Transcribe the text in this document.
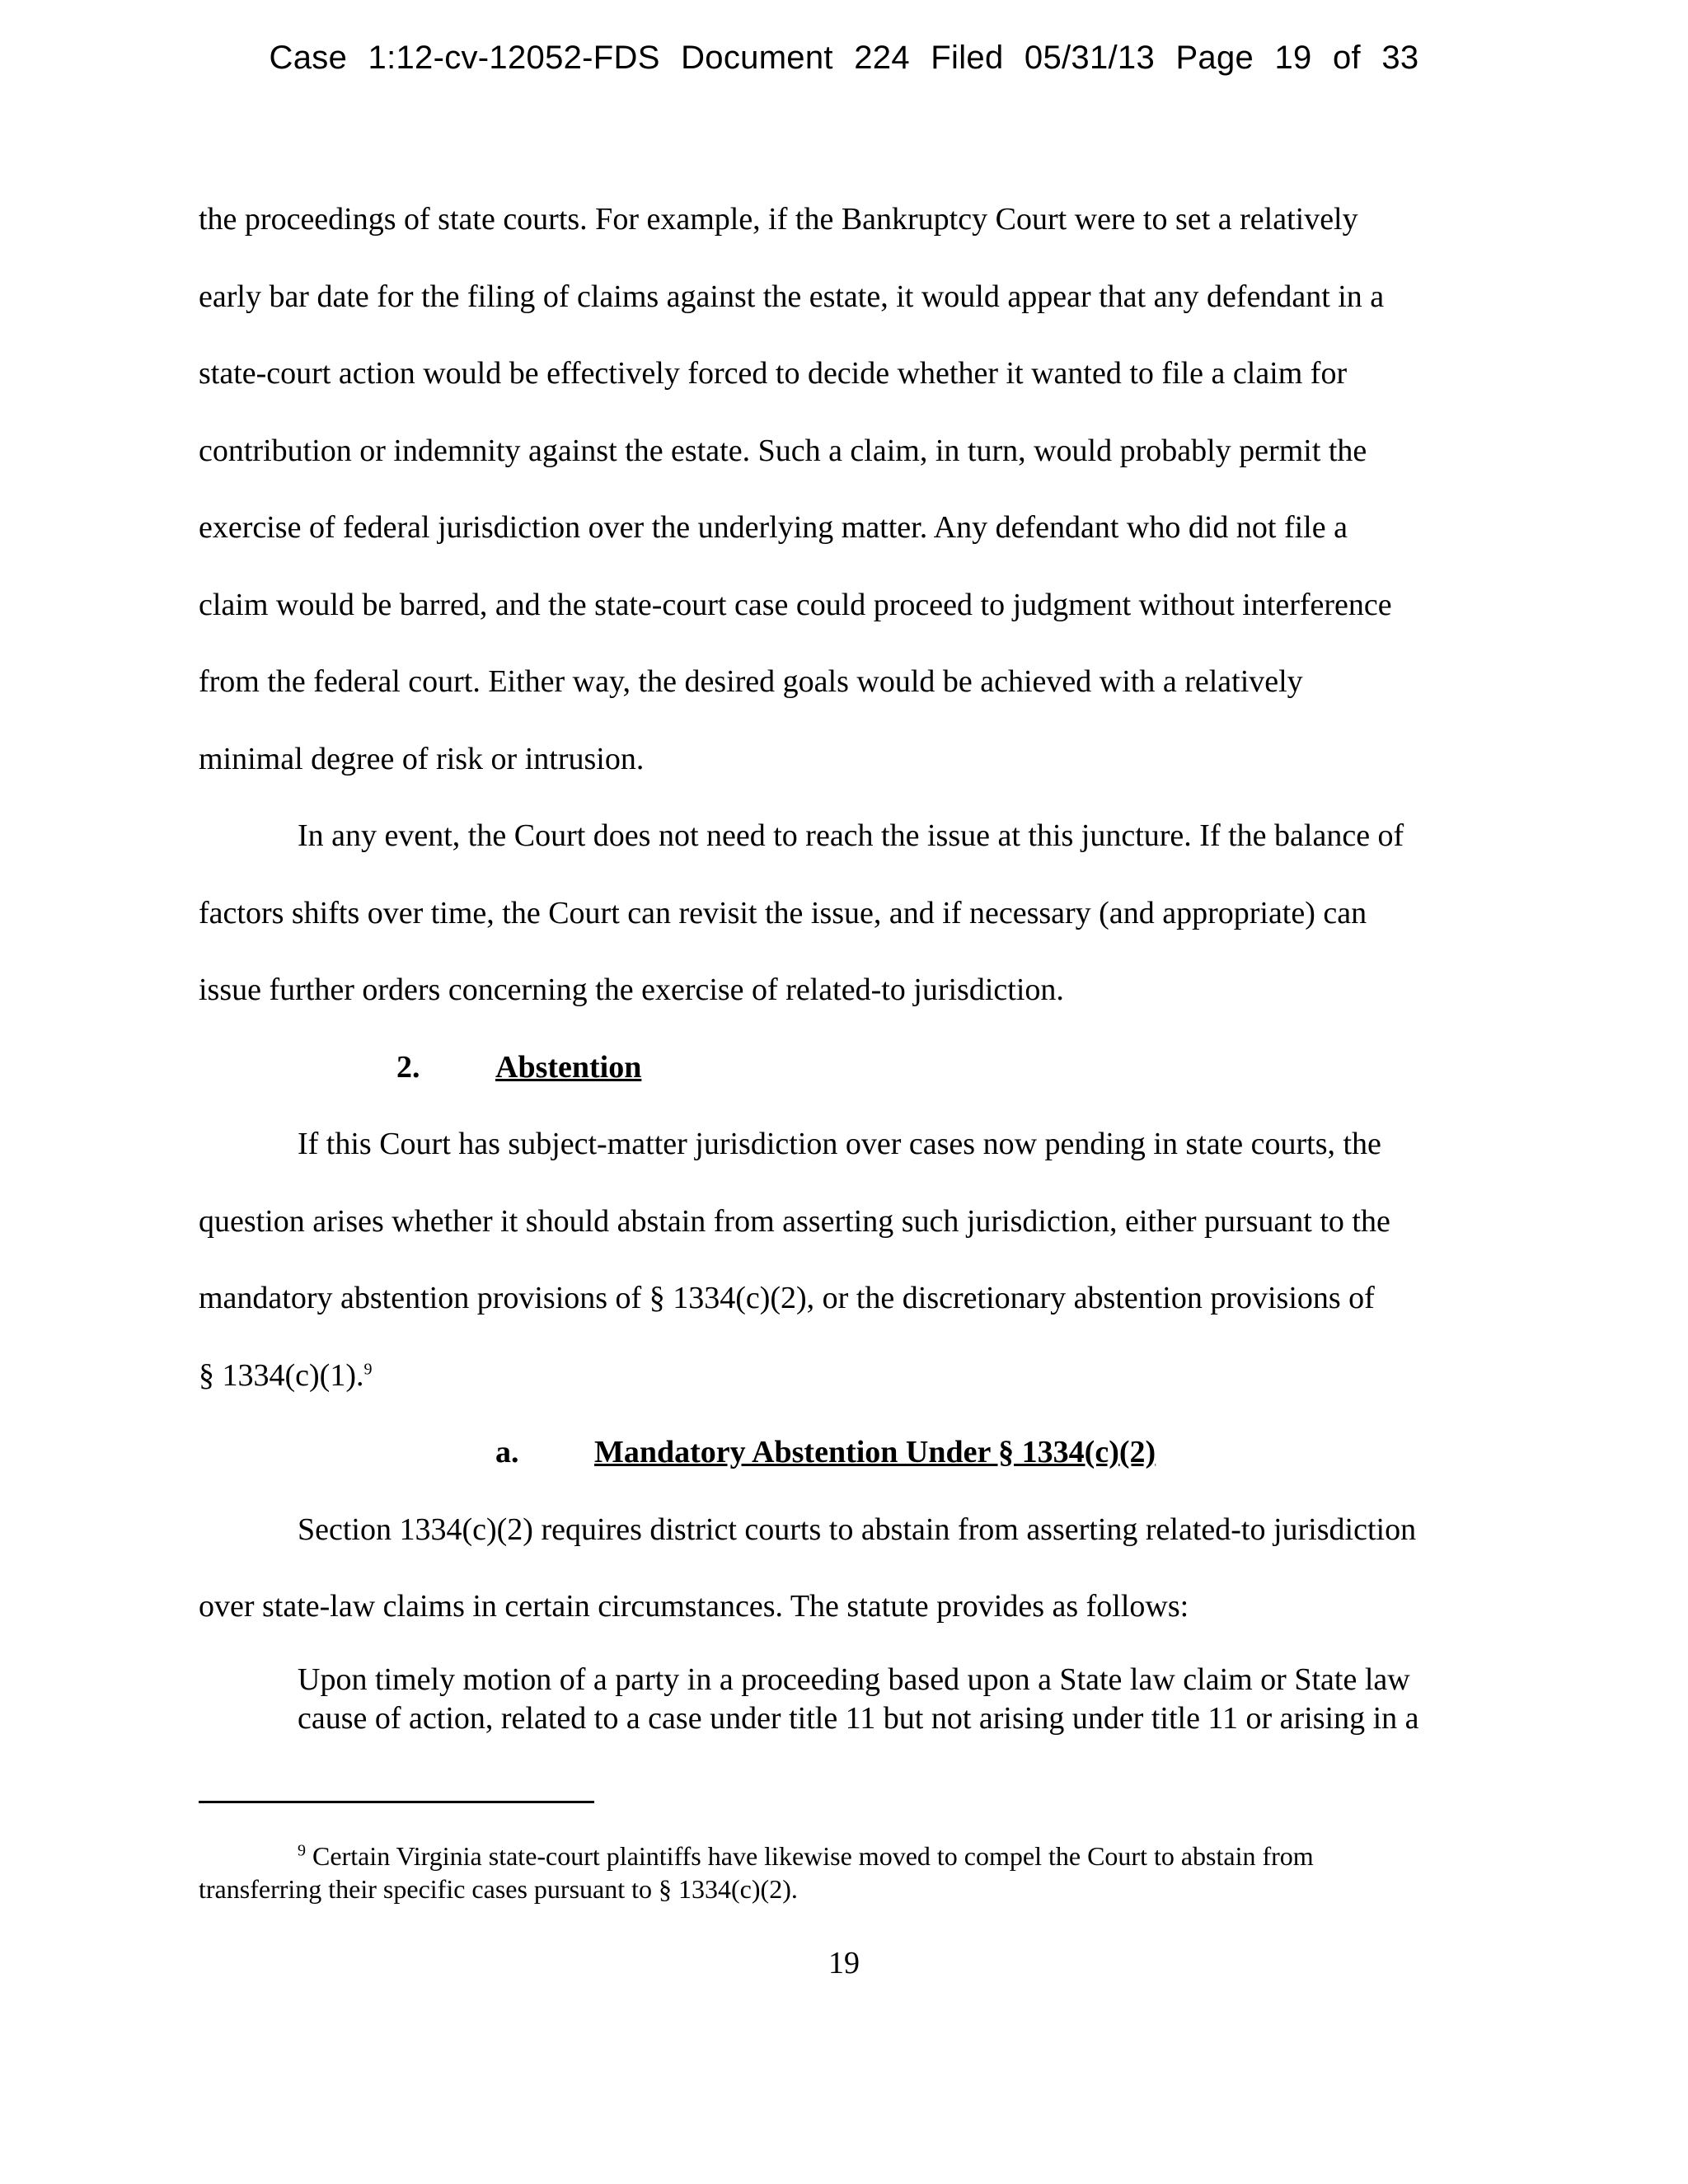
Case 1:12-cv-12052-FDS Document 224 Filed 05/31/13 Page 19 of 33
the proceedings of state courts. For example, if the Bankruptcy Court were to set a relatively
early bar date for the filing of claims against the estate, it would appear that any defendant in a
state-court action would be effectively forced to decide whether it wanted to file a claim for
contribution or indemnity against the estate. Such a claim, in turn, would probably permit the
exercise of federal jurisdiction over the underlying matter. Any defendant who did not file a
claim would be barred, and the state-court case could proceed to judgment without interference
from the federal court. Either way, the desired goals would be achieved with a relatively
minimal degree of risk or intrusion.
In any event, the Court does not need to reach the issue at this juncture. If the balance of
factors shifts over time, the Court can revisit the issue, and if necessary (and appropriate) can
issue further orders concerning the exercise of related-to jurisdiction.
2. Abstention
If this Court has subject-matter jurisdiction over cases now pending in state courts, the
question arises whether it should abstain from asserting such jurisdiction, either pursuant to the
mandatory abstention provisions of § 1334(c)(2), or the discretionary abstention provisions of
§ 1334(c)(1).$^9$
a. Mandatory Abstention Under § 1334(c)(2)
Section 1334(c)(2) requires district courts to abstain from asserting related-to jurisdiction
over state-law claims in certain circumstances. The statute provides as follows:
Upon timely motion of a party in a proceeding based upon a State law claim or State law
cause of action, related to a case under title 11 but not arising under title 11 or arising in a
$^9$ Certain Virginia state-court plaintiffs have likewise moved to compel the Court to abstain from
transferring their specific cases pursuant to § 1334(c)(2).
19
